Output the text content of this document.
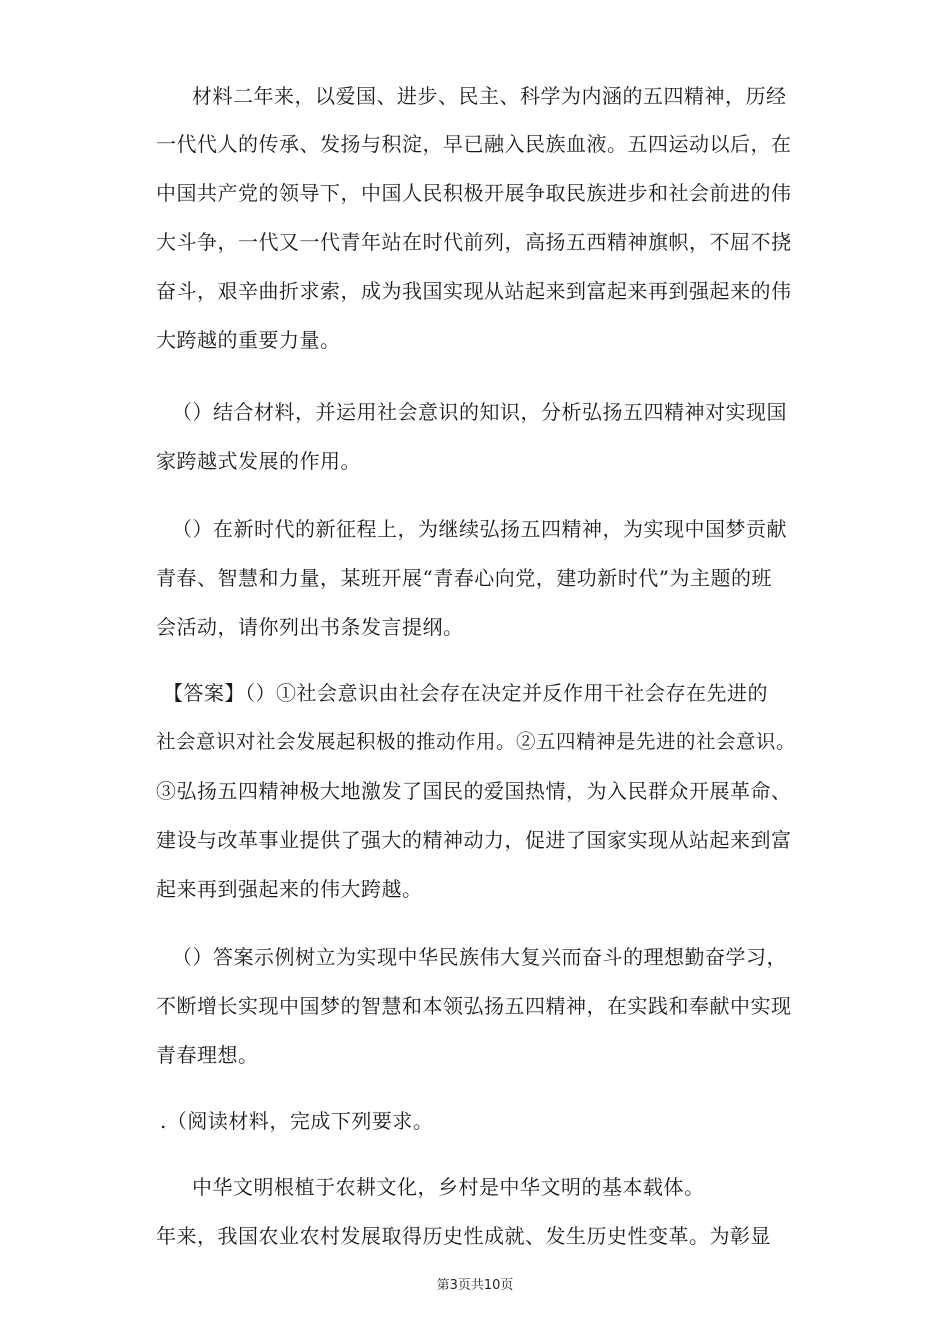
材料二年来，以爱国、进步、民主、科学为内涵的五四精神，历经
一代代人的传承、发扬与积淀，早已融入民族血液。五四运动以后，在
中国共产党的领导下，中国人民积极开展争取民族进步和社会前进的伟
大斗争，一代又一代青年站在时代前列，高扬五西精神旗帜，不屈不挠
奋斗，艰辛曲折求索，成为我国实现从站起来到富起来再到强起来的伟
大跨越的重要力量。
（）结合材料，并运用社会意识的知识，分析弘扬五四精神对实现国
家跨越式发展的作用。
（）在新时代的新征程上，为继续弘扬五四精神，为实现中国梦贡献
青春、智慧和力量，某班开展“青春心向党，建功新时代”为主题的班
会活动，请你列出书条发言提纲。
【答案】（）①社会意识由社会存在决定并反作用干社会存在先进的
社会意识对社会发展起积极的推动作用。②五四精神是先进的社会意识。
③弘扬五四精神极大地激发了国民的爱国热情，为入民群众开展革命、
建设与改革事业提供了强大的精神动力，促进了国家实现从站起来到富
起来再到强起来的伟大跨越。
（）答案示例树立为实现中华民族伟大复兴而奋斗的理想勤奋学习，
不断增长实现中国梦的智慧和本领弘扬五四精神，在实践和奉献中实现
青春理想。
.（阅读材料，完成下列要求。
中华文明根植于农耕文化，乡村是中华文明的基本载体。
年来，我国农业农村发展取得历史性成就、发生历史性变革。为彰显
第3页共10页
